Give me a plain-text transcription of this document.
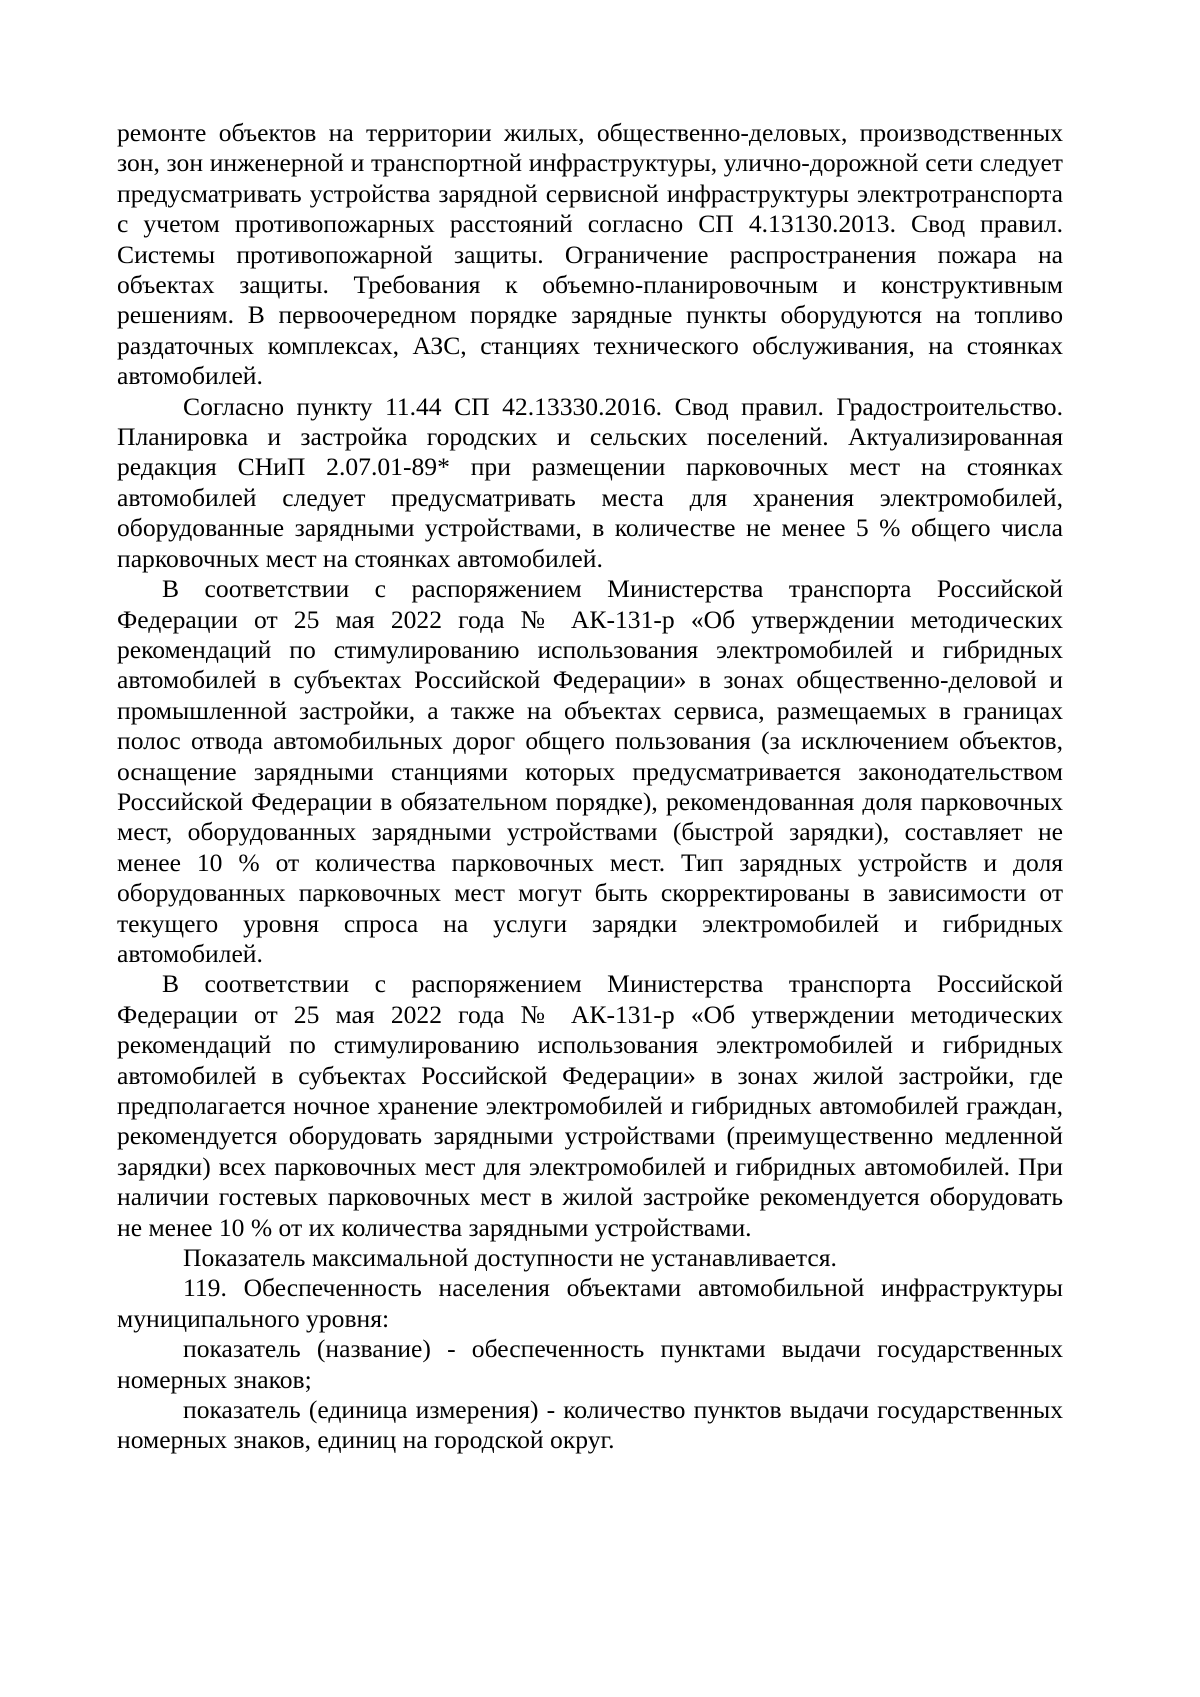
ремонте объектов на территории жилых, общественно-деловых, производственных зон, зон инженерной и транспортной инфраструктуры, улично-дорожной сети следует предусматривать устройства зарядной сервисной инфраструктуры электротранспорта с учетом противопожарных расстояний согласно СП 4.13130.2013. Свод правил. Системы противопожарной защиты. Ограничение распространения пожара на объектах защиты. Требования к объемно-планировочным и конструктивным решениям. В первоочередном порядке зарядные пункты оборудуются на топливо раздаточных комплексах, АЗС, станциях технического обслуживания, на стоянках автомобилей.

Согласно пункту 11.44 СП 42.13330.2016. Свод правил. Градостроительство. Планировка и застройка городских и сельских поселений. Актуализированная редакция СНиП 2.07.01-89* при размещении парковочных мест на стоянках автомобилей следует предусматривать места для хранения электромобилей, оборудованные зарядными устройствами, в количестве не менее 5 % общего числа парковочных мест на стоянках автомобилей.

В соответствии с распоряжением Министерства транспорта Российской Федерации от 25 мая 2022 года № АК-131-р «Об утверждении методических рекомендаций по стимулированию использования электромобилей и гибридных автомобилей в субъектах Российской Федерации» в зонах общественно-деловой и промышленной застройки, а также на объектах сервиса, размещаемых в границах полос отвода автомобильных дорог общего пользования (за исключением объектов, оснащение зарядными станциями которых предусматривается законодательством Российской Федерации в обязательном порядке), рекомендованная доля парковочных мест, оборудованных зарядными устройствами (быстрой зарядки), составляет не менее 10 % от количества парковочных мест. Тип зарядных устройств и доля оборудованных парковочных мест могут быть скорректированы в зависимости от текущего уровня спроса на услуги зарядки электромобилей и гибридных автомобилей.

В соответствии с распоряжением Министерства транспорта Российской Федерации от 25 мая 2022 года № АК-131-р «Об утверждении методических рекомендаций по стимулированию использования электромобилей и гибридных автомобилей в субъектах Российской Федерации» в зонах жилой застройки, где предполагается ночное хранение электромобилей и гибридных автомобилей граждан, рекомендуется оборудовать зарядными устройствами (преимущественно медленной зарядки) всех парковочных мест для электромобилей и гибридных автомобилей. При наличии гостевых парковочных мест в жилой застройке рекомендуется оборудовать не менее 10 % от их количества зарядными устройствами.

Показатель максимальной доступности не устанавливается.

119. Обеспеченность населения объектами автомобильной инфраструктуры муниципального уровня:

показатель (название) - обеспеченность пунктами выдачи государственных номерных знаков;

показатель (единица измерения) - количество пунктов выдачи государственных номерных знаков, единиц на городской округ.
